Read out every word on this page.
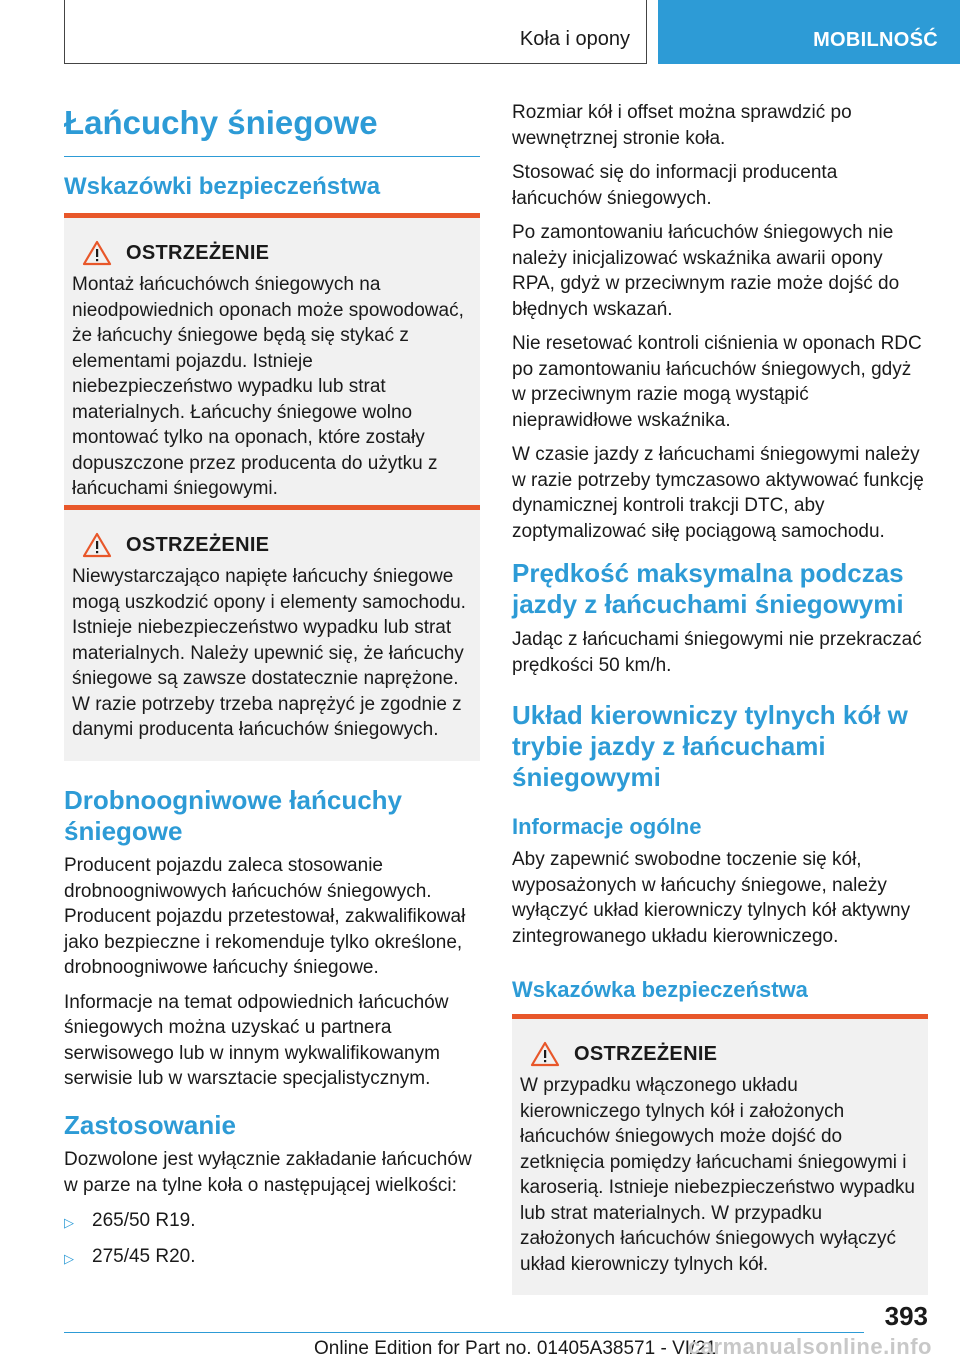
Koła i opony	MOBILNOŚĆ
Łańcuchy śniegowe
Wskazówki bezpieczeństwa
OSTRZEŻENIE

Montaż łańcuchówch śniegowych na nieodpowiednich oponach może spowodować, że łańcuchy śniegowe będą się stykać z elementami pojazdu. Istnieje niebezpieczeństwo wypadku lub strat materialnych. Łańcuchy śniegowe wolno montować tylko na oponach, które zostały dopuszczone przez producenta do użytku z łańcuchami śniegowymi.

OSTRZEŻENIE

Niewystarczająco napięte łańcuchy śniegowe mogą uszkodzić opony i elementy samochodu. Istnieje niebezpieczeństwo wypadku lub strat materialnych. Należy upewnić się, że łańcuchy śniegowe są zawsze dostatecznie naprężone. W razie potrzeby trzeba naprężyć je zgodnie z danymi producenta łańcuchów śniegowych.

Drobnoogniwowe łańcuchy śniegowe

Producent pojazdu zaleca stosowanie drobnoogniwowych łańcuchów śniegowych. Producent pojazdu przetestował, zakwalifikował jako bezpieczne i rekomenduje tylko określone, drobnoogniwowe łańcuchy śniegowe.

Informacje na temat odpowiednich łańcuchów śniegowych można uzyskać u partnera serwisowego lub w innym wykwalifikowanym serwisie lub w warsztacie specjalistycznym.

Zastosowanie

Dozwolone jest wyłącznie zakładanie łańcuchów w parze na tylne koła o następującej wielkości:

▷ 265/50 R19.
▷ 275/45 R20.

Rozmiar kół i offset można sprawdzić po wewnętrznej stronie koła.

Stosować się do informacji producenta łańcuchów śniegowych.

Po zamontowaniu łańcuchów śniegowych nie należy inicjalizować wskaźnika awarii opony RPA, gdyż w przeciwnym razie może dojść do błędnych wskazań.

Nie resetować kontroli ciśnienia w oponach RDC po zamontowaniu łańcuchów śniegowych, gdyż w przeciwnym razie mogą wystąpić nieprawidłowe wskaźnika.

W czasie jazdy z łańcuchami śniegowymi należy w razie potrzeby tymczasowo aktywować funkcję dynamicznej kontroli trakcji DTC, aby zoptymalizować siłę pociągową samochodu.

Prędkość maksymalna podczas jazdy z łańcuchami śniegowymi

Jadąc z łańcuchami śniegowymi nie przekraczać prędkości 50 km/h.

Układ kierowniczy tylnych kół w trybie jazdy z łańcuchami śniegowymi
Informacje ogólne

Aby zapewnić swobodne toczenie się kół, wyposażonych w łańcuchy śniegowe, należy wyłączyć układ kierowniczy tylnych kół aktywny zintegrowanego układu kierowniczego.

Wskazówka bezpieczeństwa
OSTRZEŻENIE

W przypadku włączonego układu kierowniczego tylnych kół i założonych łańcuchów śniegowych może dojść do zetknięcia pomiędzy łańcuchami śniegowymi i karoserią. Istnieje niebezpieczeństwo wypadku lub strat materialnych. W przypadku założonych łańcuchów śniegowych wyłączyć układ kierowniczy tylnych kół.

393
Online Edition for Part no. 01405A38571 - VI/21
carmanualsonline.info
